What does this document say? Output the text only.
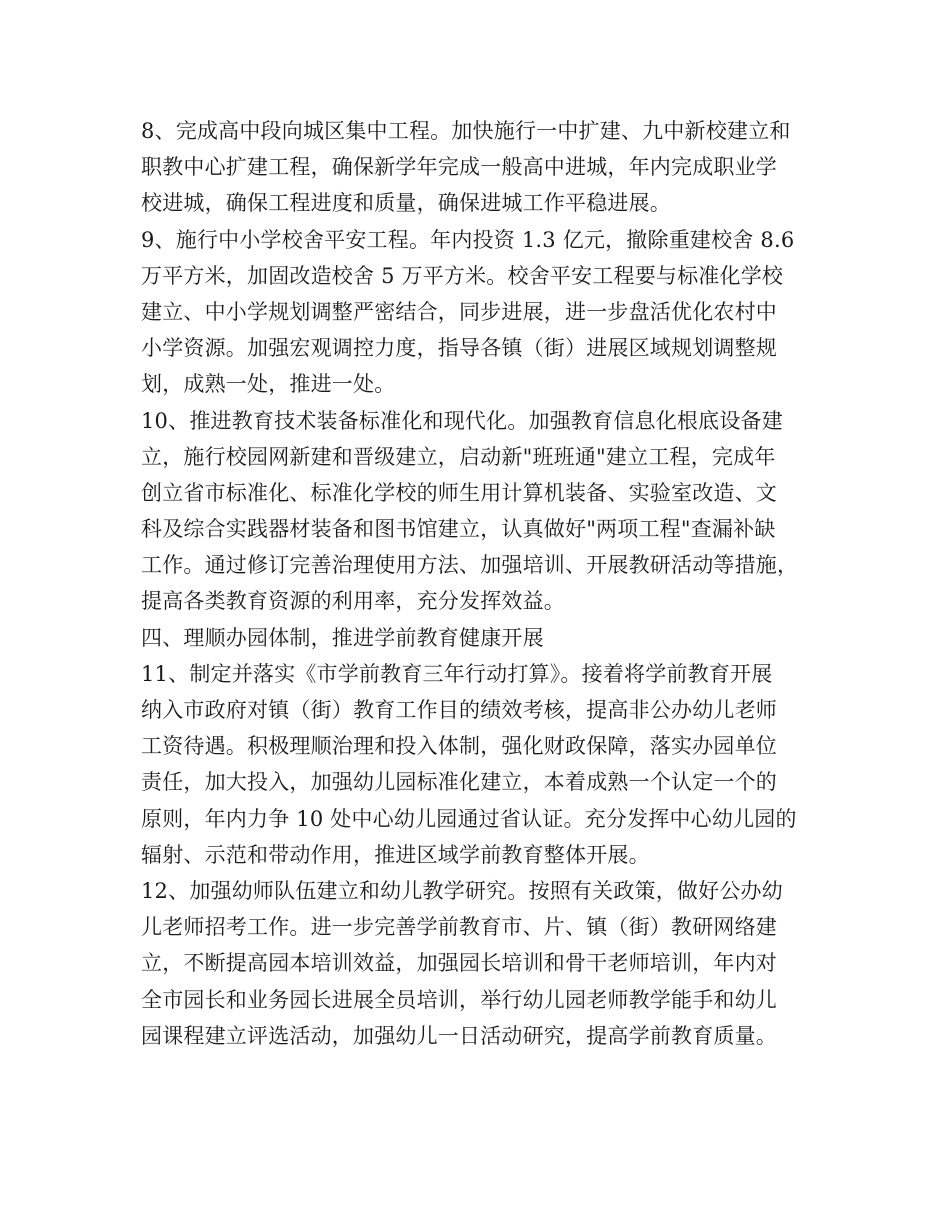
8、完成高中段向城区集中工程。加快施行一中扩建、九中新校建立和
职教中心扩建工程，确保新学年完成一般高中进城，年内完成职业学
校进城，确保工程进度和质量，确保进城工作平稳进展。
9、施行中小学校舍平安工程。年内投资 1.3 亿元，撤除重建校舍 8.6
万平方米，加固改造校舍 5 万平方米。校舍平安工程要与标准化学校
建立、中小学规划调整严密结合，同步进展，进一步盘活优化农村中
小学资源。加强宏观调控力度，指导各镇（街）进展区域规划调整规
划，成熟一处，推进一处。
10、推进教育技术装备标准化和现代化。加强教育信息化根底设备建
立，施行校园网新建和晋级建立，启动新"班班通"建立工程，完成年
创立省市标准化、标准化学校的师生用计算机装备、实验室改造、文
科及综合实践器材装备和图书馆建立，认真做好"两项工程"查漏补缺
工作。通过修订完善治理使用方法、加强培训、开展教研活动等措施，
提高各类教育资源的利用率，充分发挥效益。
四、理顺办园体制，推进学前教育健康开展
11、制定并落实《市学前教育三年行动打算》。接着将学前教育开展
纳入市政府对镇（街）教育工作目的绩效考核，提高非公办幼儿老师
工资待遇。积极理顺治理和投入体制，强化财政保障，落实办园单位
责任，加大投入，加强幼儿园标准化建立，本着成熟一个认定一个的
原则，年内力争 10 处中心幼儿园通过省认证。充分发挥中心幼儿园的
辐射、示范和带动作用，推进区域学前教育整体开展。
12、加强幼师队伍建立和幼儿教学研究。按照有关政策，做好公办幼
儿老师招考工作。进一步完善学前教育市、片、镇（街）教研网络建
立，不断提高园本培训效益，加强园长培训和骨干老师培训，年内对
全市园长和业务园长进展全员培训，举行幼儿园老师教学能手和幼儿
园课程建立评选活动，加强幼儿一日活动研究，提高学前教育质量。
